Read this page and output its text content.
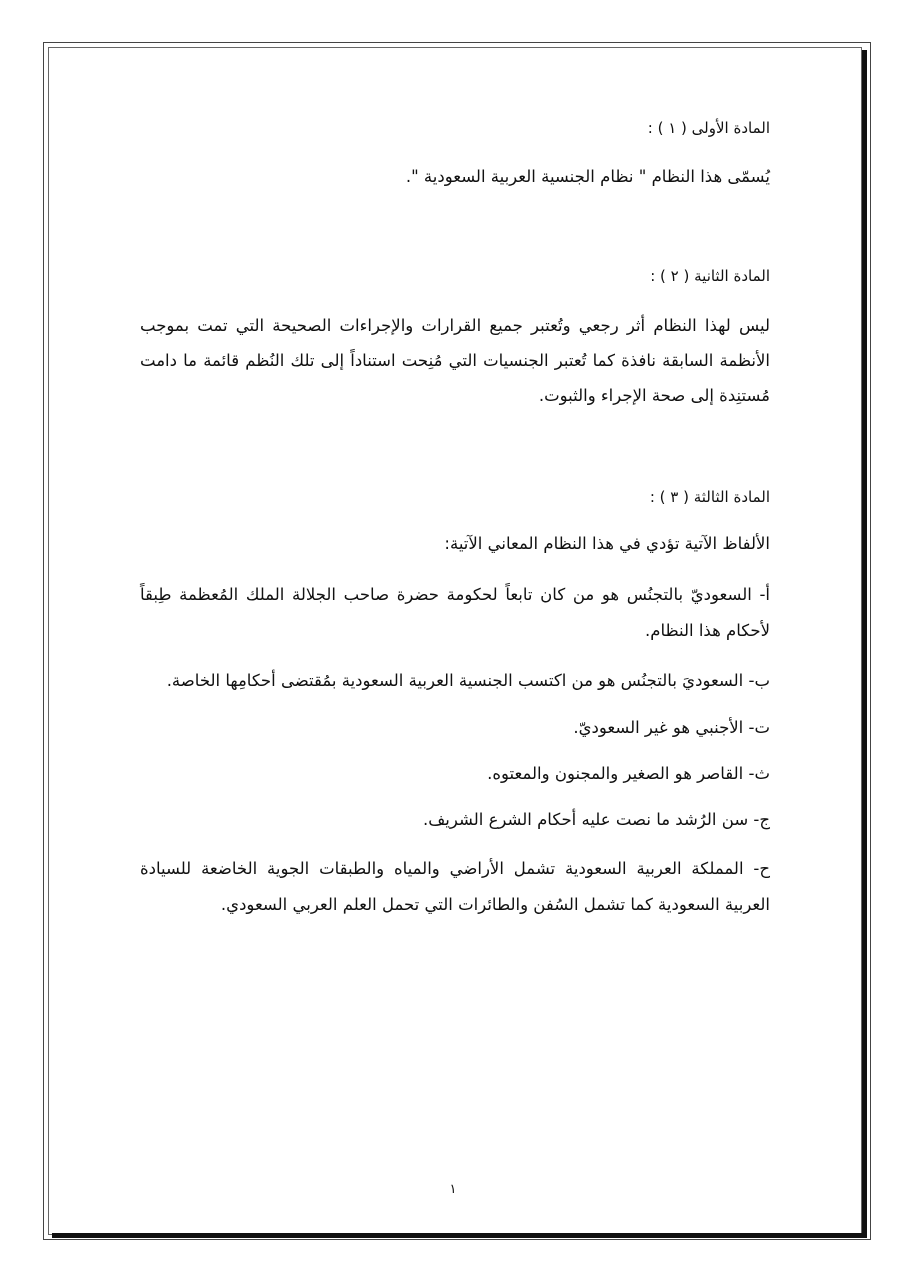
المادة الأولى ( ١ ) :

يُسمّى هذا النظام " نظام الجنسية العربية السعودية ".

المادة الثانية ( ٢ ) :

ليس لهذا النظام أثر رجعي وتُعتبر جميع القرارات والإجراءات الصحيحة التي تمت بموجب الأنظمة السابقة نافذة كما تُعتبر الجنسيات التي مُنِحت استناداً إلى تلك النُظم قائمة ما دامت مُستنِدة إلى صحة الإجراء والثبوت.

المادة الثالثة ( ٣ ) :

الألفاظ الآتية تؤدي في هذا النظام المعاني الآتية:

أ- السعوديّ بالتجنُس هو من كان تابعاً لحكومة حضرة صاحب الجلالة الملك المُعظمة طِبقاً لأحكام هذا النظام.

ب- السعوديَ بالتجنُس هو من اكتسب الجنسية العربية السعودية بمُقتضى أحكامِها الخاصة.

ت- الأجنبي هو غير السعوديّ.

ث- القاصر هو الصغير والمجنون والمعتوه.

ج- سن الرُشد ما نصت عليه أحكام الشرع الشريف.

ح- المملكة العربية السعودية تشمل الأراضي والمياه والطبقات الجوية الخاضعة للسيادة العربية السعودية كما تشمل السُفن والطائرات التي تحمل العلم العربي السعودي.

١
